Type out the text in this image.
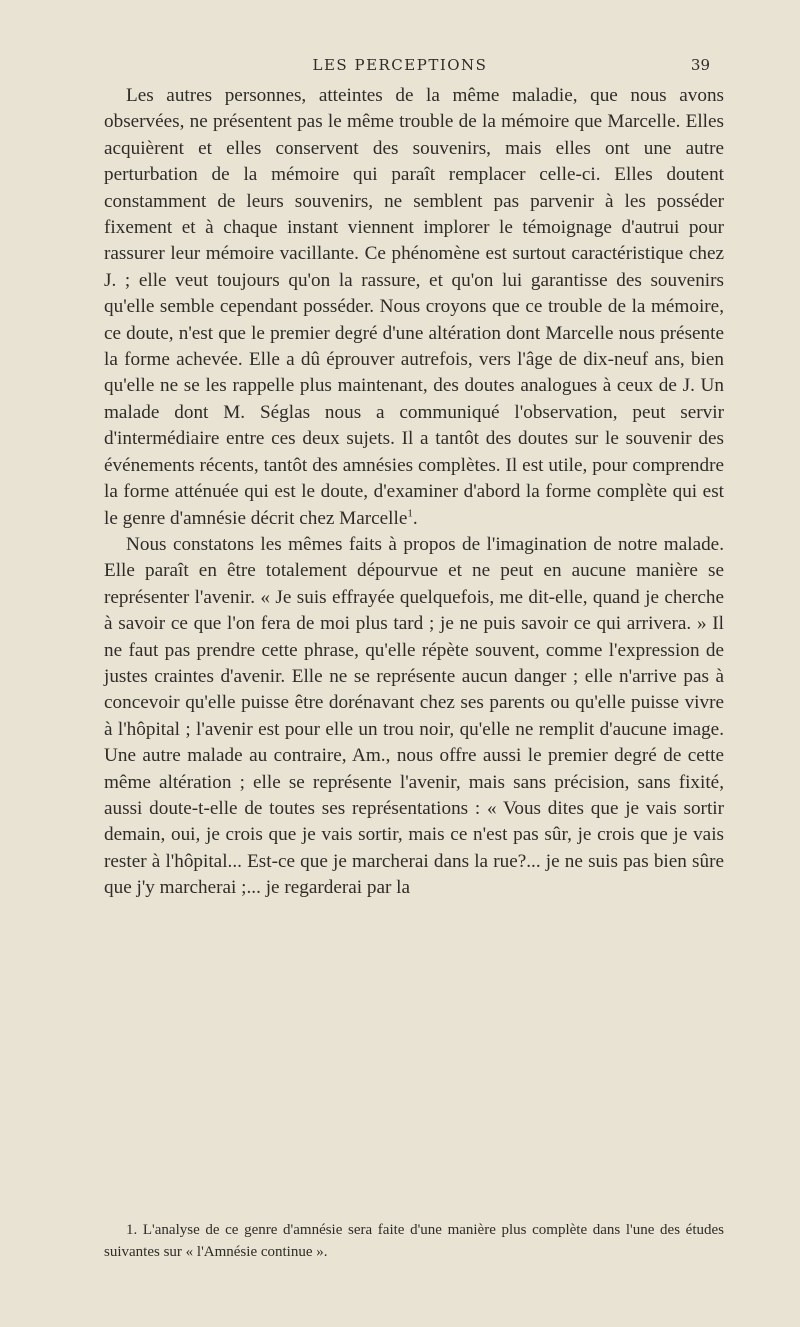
LES PERCEPTIONS	39

Les autres personnes, atteintes de la même maladie, que nous avons observées, ne présentent pas le même trouble de la mémoire que Marcelle. Elles acquièrent et elles conservent des souvenirs, mais elles ont une autre perturbation de la mémoire qui paraît remplacer celle-ci. Elles doutent constamment de leurs souvenirs, ne semblent pas parvenir à les posséder fixement et à chaque instant viennent implorer le témoignage d'autrui pour rassurer leur mémoire vacillante. Ce phénomène est surtout caractéristique chez J. ; elle veut toujours qu'on la rassure, et qu'on lui garantisse des souvenirs qu'elle semble cependant posséder. Nous croyons que ce trouble de la mémoire, ce doute, n'est que le premier degré d'une altération dont Marcelle nous présente la forme achevée. Elle a dû éprouver autrefois, vers l'âge de dix-neuf ans, bien qu'elle ne se les rappelle plus maintenant, des doutes analogues à ceux de J. Un malade dont M. Séglas nous a communiqué l'observation, peut servir d'intermédiaire entre ces deux sujets. Il a tantôt des doutes sur le souvenir des événements récents, tantôt des amnésies complètes. Il est utile, pour comprendre la forme atténuée qui est le doute, d'examiner d'abord la forme complète qui est le genre d'amnésie décrit chez Marcelle$^1$.

Nous constatons les mêmes faits à propos de l'imagination de notre malade. Elle paraît en être totalement dépourvue et ne peut en aucune manière se représenter l'avenir. « Je suis effrayée quelquefois, me dit-elle, quand je cherche à savoir ce que l'on fera de moi plus tard ; je ne puis savoir ce qui arrivera. » Il ne faut pas prendre cette phrase, qu'elle répète souvent, comme l'expression de justes craintes d'avenir. Elle ne se représente aucun danger ; elle n'arrive pas à concevoir qu'elle puisse être dorénavant chez ses parents ou qu'elle puisse vivre à l'hôpital ; l'avenir est pour elle un trou noir, qu'elle ne remplit d'aucune image. Une autre malade au contraire, Am., nous offre aussi le premier degré de cette même altération ; elle se représente l'avenir, mais sans précision, sans fixité, aussi doute-t-elle de toutes ses représentations : « Vous dites que je vais sortir demain, oui, je crois que je vais sortir, mais ce n'est pas sûr, je crois que je vais rester à l'hôpital... Est-ce que je marcherai dans la rue?... je ne suis pas bien sûre que j'y marcherai ;... je regarderai par la

1. L'analyse de ce genre d'amnésie sera faite d'une manière plus complète dans l'une des études suivantes sur « l'Amnésie continue ».
